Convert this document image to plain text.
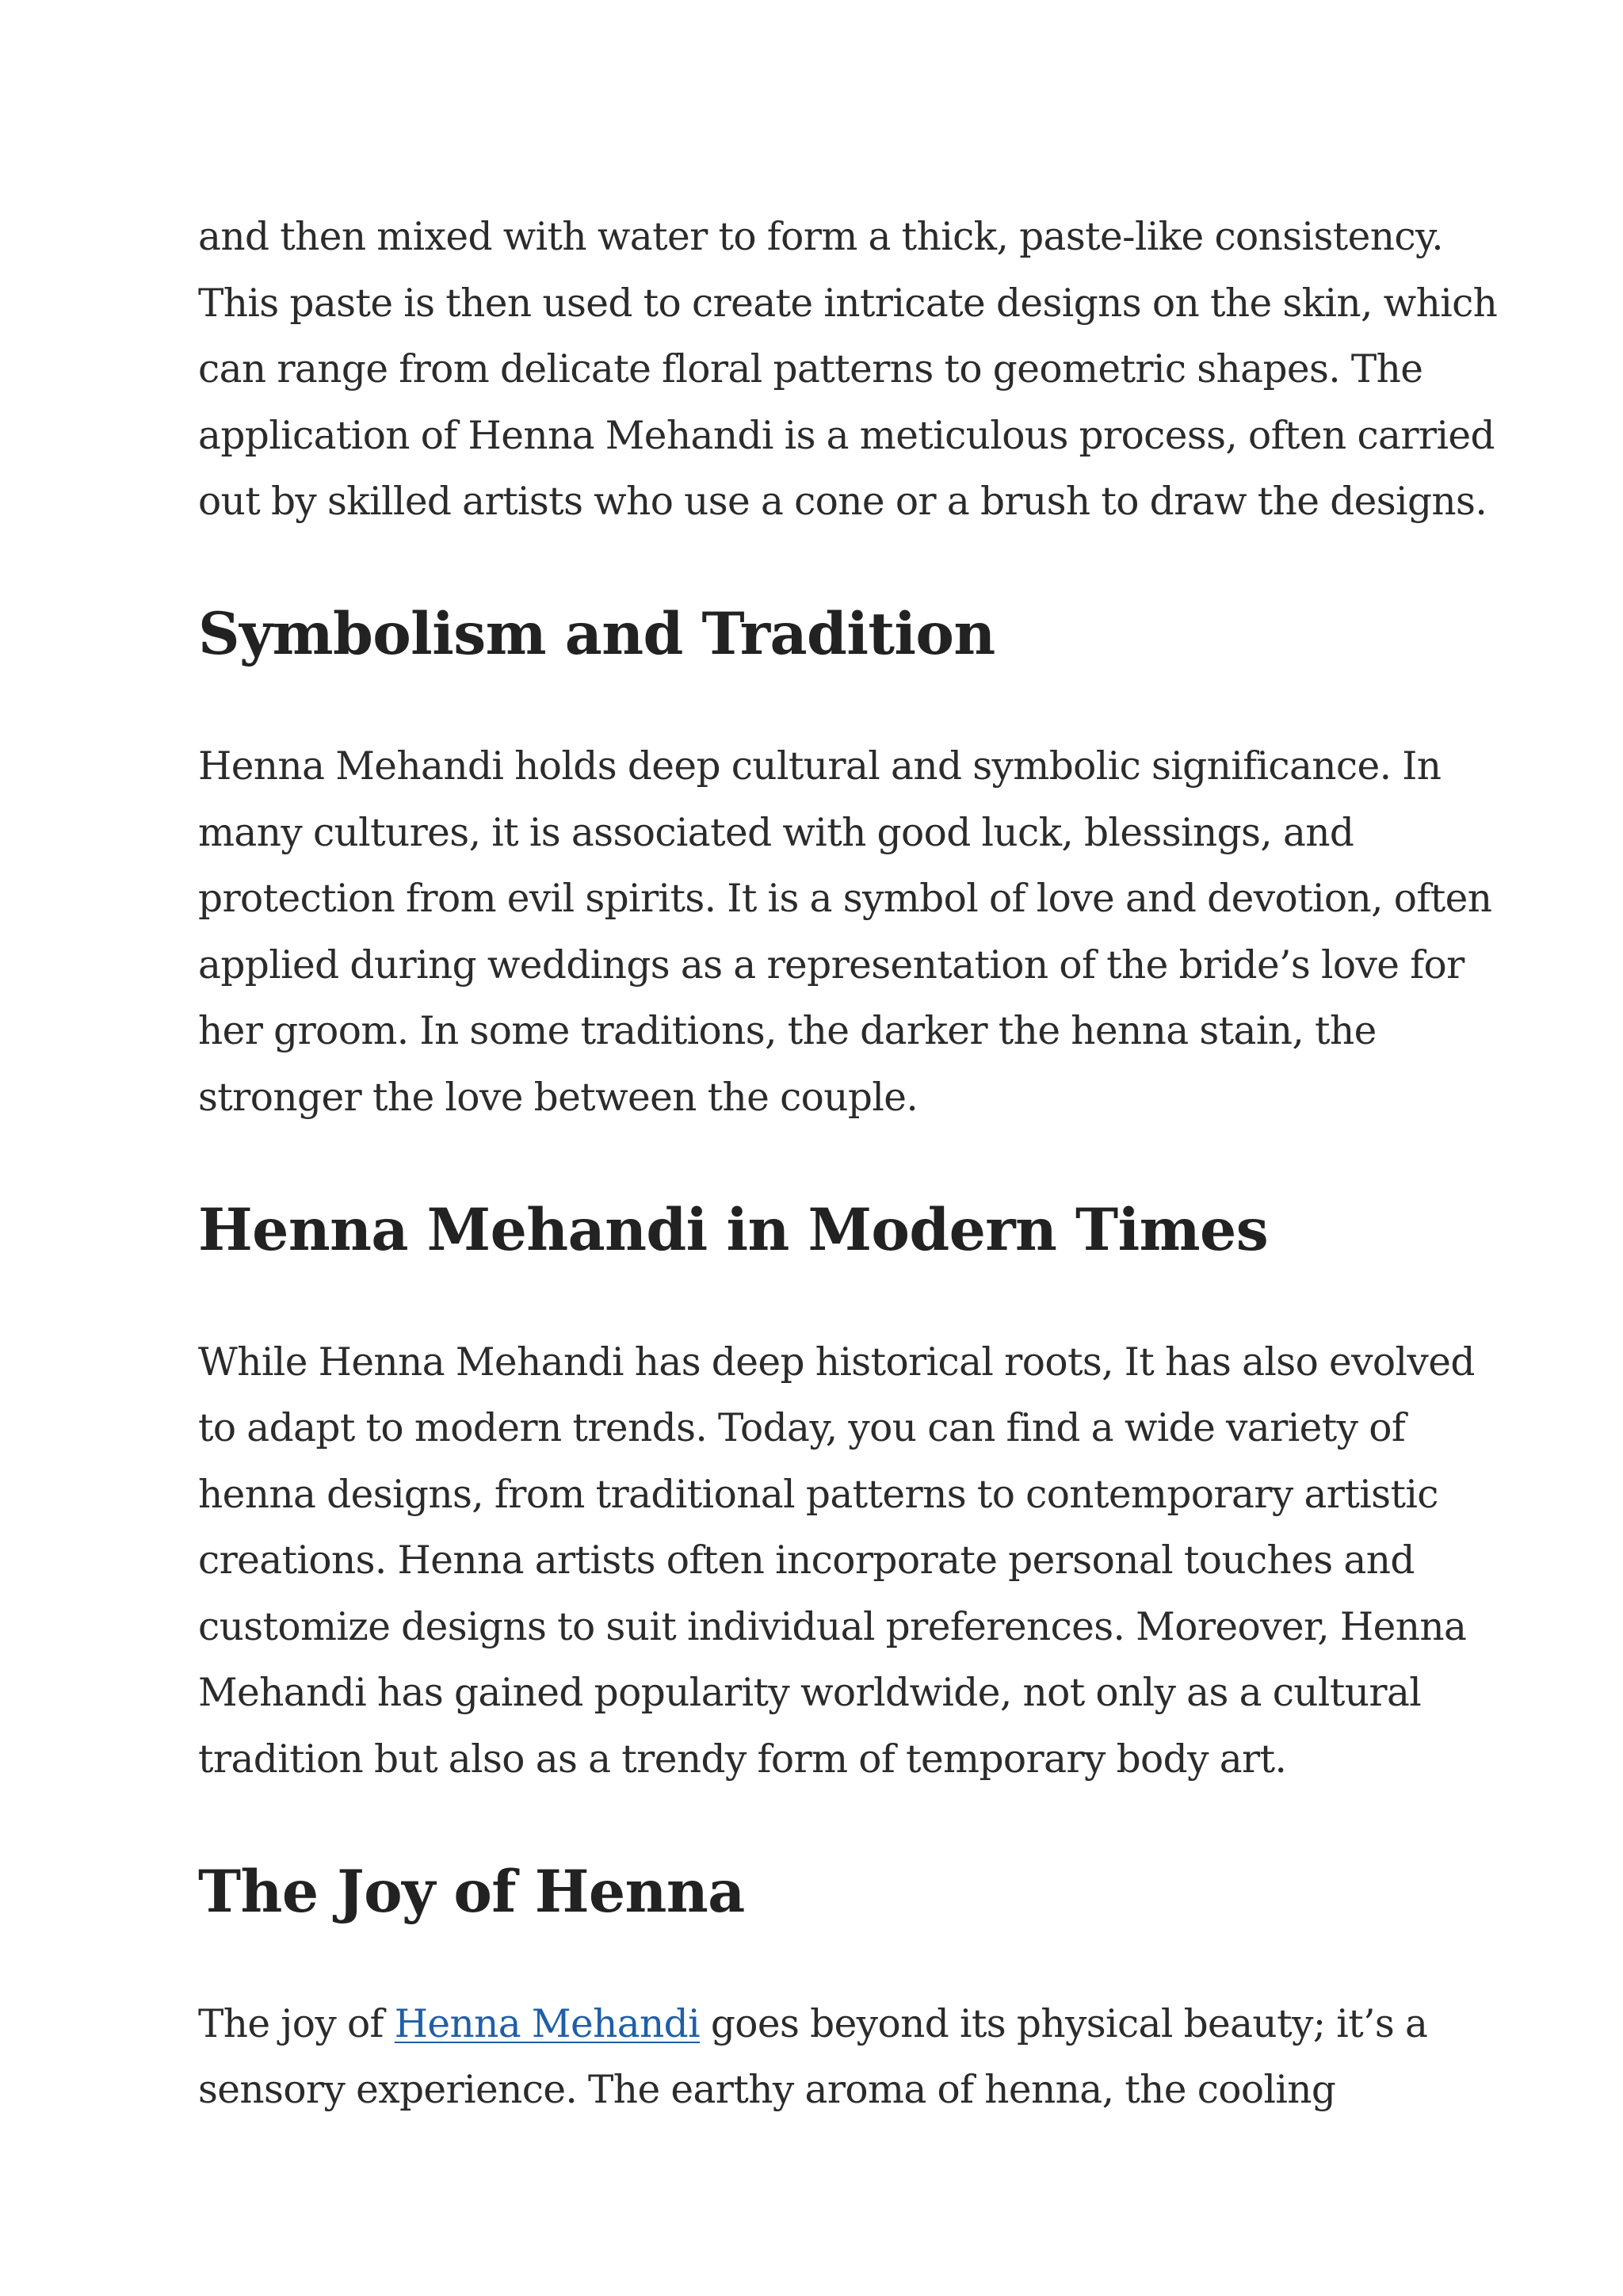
and then mixed with water to form a thick, paste-like consistency.
This paste is then used to create intricate designs on the skin, which
can range from delicate floral patterns to geometric shapes. The
application of Henna Mehandi is a meticulous process, often carried
out by skilled artists who use a cone or a brush to draw the designs.
Symbolism and Tradition
Henna Mehandi holds deep cultural and symbolic significance. In
many cultures, it is associated with good luck, blessings, and
protection from evil spirits. It is a symbol of love and devotion, often
applied during weddings as a representation of the bride’s love for
her groom. In some traditions, the darker the henna stain, the
stronger the love between the couple.
Henna Mehandi in Modern Times
While Henna Mehandi has deep historical roots, It has also evolved
to adapt to modern trends. Today, you can find a wide variety of
henna designs, from traditional patterns to contemporary artistic
creations. Henna artists often incorporate personal touches and
customize designs to suit individual preferences. Moreover, Henna
Mehandi has gained popularity worldwide, not only as a cultural
tradition but also as a trendy form of temporary body art.
The Joy of Henna
The joy of Henna Mehandi goes beyond its physical beauty; it’s a
sensory experience. The earthy aroma of henna, the cooling
